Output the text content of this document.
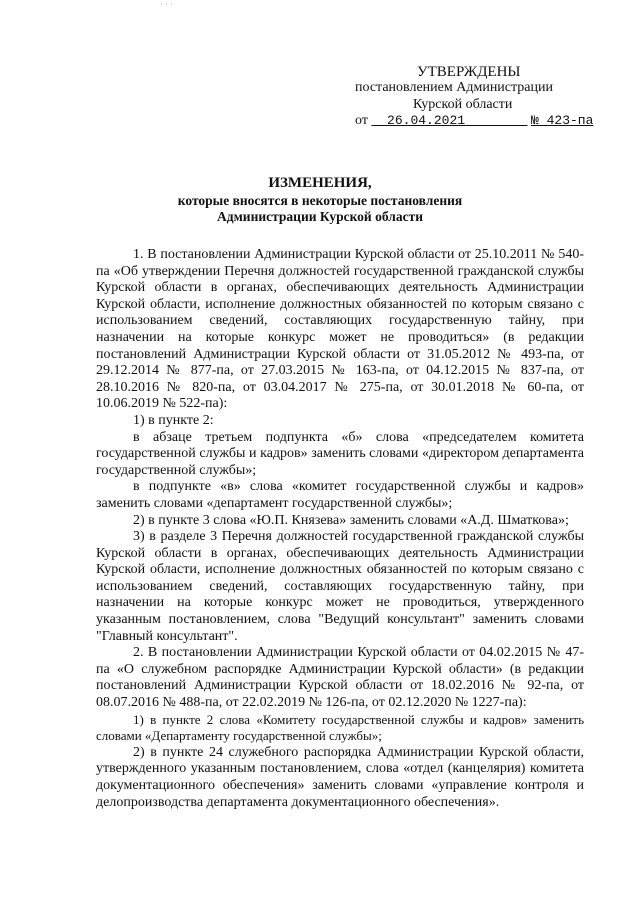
· · ·
УТВЕРЖДЕНЫ
постановлением Администрации
Курской области
от 26.04.2021	№ 423-па
ИЗМЕНЕНИЯ,
которые вносятся в некоторые постановления
Администрации Курской области

1. В постановлении Администрации Курской области от 25.10.2011 № 540-па «Об утверждении Перечня должностей государственной гражданской службы Курской области в органах, обеспечивающих деятельность Администрации Курской области, исполнение должностных обязанностей по которым связано с использованием сведений, составляющих государственную тайну, при назначении на которые конкурс может не проводиться» (в редакции постановлений Администрации Курской области от 31.05.2012 № 493-па, от 29.12.2014 № 877-па, от 27.03.2015 № 163-па, от 04.12.2015 № 837-па, от 28.10.2016 № 820-па, от 03.04.2017 № 275-па, от 30.01.2018 № 60-па, от 10.06.2019 № 522-па):

1) в пункте 2:

в абзаце третьем подпункта «б» слова «председателем комитета государственной службы и кадров» заменить словами «директором департамента государственной службы»;

в подпункте «в» слова «комитет государственной службы и кадров» заменить словами «департамент государственной службы»;

2) в пункте 3 слова «Ю.П. Князева» заменить словами «А.Д. Шматкова»;

3) в разделе 3 Перечня должностей государственной гражданской службы Курской области в органах, обеспечивающих деятельность Администрации Курской области, исполнение должностных обязанностей по которым связано с использованием сведений, составляющих государственную тайну, при назначении на которые конкурс может не проводиться, утвержденного указанным постановлением, слова "Ведущий консультант" заменить словами "Главный консультант".

2. В постановлении Администрации Курской области от 04.02.2015 № 47-па «О служебном распорядке Администрации Курской области» (в редакции постановлений Администрации Курской области от 18.02.2016 № 92-па, от 08.07.2016 № 488-па, от 22.02.2019 № 126-па, от 02.12.2020 № 1227-па):

1) в пункте 2 слова «Комитету государственной службы и кадров» заменить словами «Департаменту государственной службы»;

2) в пункте 24 служебного распорядка Администрации Курской области, утвержденного указанным постановлением, слова «отдел (канцелярия) комитета документационного обеспечения» заменить словами «управление контроля и делопроизводства департамента документационного обеспечения».
